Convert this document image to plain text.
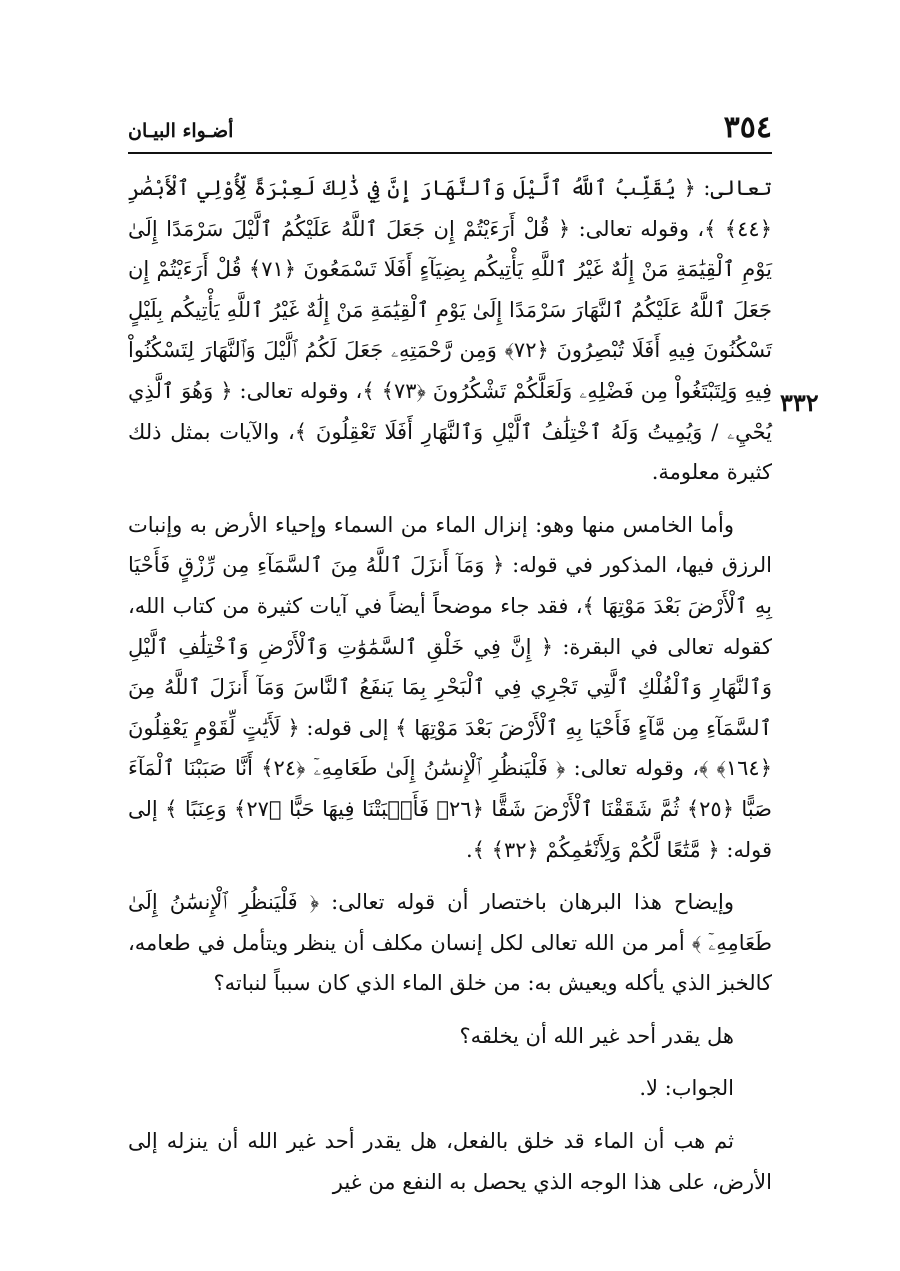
٣٥٤
أضـواء البيـان
٣٣٢

تعالى: ﴿ يُقَلِّبُ ٱللَّهُ ٱلَّيْلَ وَٱلنَّهَارَ إِنَّ فِي ذَٰلِكَ لَعِبْرَةً لِّأُوْلِي ٱلْأَبْصَٰرِ ﴿٤٤﴾ ﴾، وقوله تعالى: ﴿ قُلْ أَرَءَيْتُمْ إِن جَعَلَ ٱللَّهُ عَلَيْكُمُ ٱلَّيْلَ سَرْمَدًا إِلَىٰ يَوْمِ ٱلْقِيَٰمَةِ مَنْ إِلَٰهٌ غَيْرُ ٱللَّهِ يَأْتِيكُم بِضِيَآءٍ أَفَلَا تَسْمَعُونَ ﴿٧١﴾ قُلْ أَرَءَيْتُمْ إِن جَعَلَ ٱللَّهُ عَلَيْكُمُ ٱلنَّهَارَ سَرْمَدًا إِلَىٰ يَوْمِ ٱلْقِيَٰمَةِ مَنْ إِلَٰهٌ غَيْرُ ٱللَّهِ يَأْتِيكُم بِلَيْلٍ تَسْكُنُونَ فِيهِ أَفَلَا تُبْصِرُونَ ﴿٧٢﴾ وَمِن رَّحْمَتِهِۦ جَعَلَ لَكُمُ ٱلَّيْلَ وَٱلنَّهَارَ لِتَسْكُنُواْ فِيهِ وَلِتَبْتَغُواْ مِن فَضْلِهِۦ وَلَعَلَّكُمْ تَشْكُرُونَ ﴿٧٣﴾ ﴾، وقوله تعالى: ﴿ وَهُوَ ٱلَّذِي يُحْيِۦ / وَيُمِيتُ وَلَهُ ٱخْتِلَٰفُ ٱلَّيْلِ وَٱلنَّهَارِ أَفَلَا تَعْقِلُونَ ﴾، والآيات بمثل ذلك كثيرة معلومة.

وأما الخامس منها وهو: إنزال الماء من السماء وإحياء الأرض به وإنبات الرزق فيها، المذكور في قوله: ﴿ وَمَآ أَنزَلَ ٱللَّهُ مِنَ ٱلسَّمَآءِ مِن رِّزْقٍ فَأَحْيَا بِهِ ٱلْأَرْضَ بَعْدَ مَوْتِهَا ﴾، فقد جاء موضحاً أيضاً في آيات كثيرة من كتاب الله، كقوله تعالى في البقرة: ﴿ إِنَّ فِي خَلْقِ ٱلسَّمَٰوَٰتِ وَٱلْأَرْضِ وَٱخْتِلَٰفِ ٱلَّيْلِ وَٱلنَّهَارِ وَٱلْفُلْكِ ٱلَّتِي تَجْرِي فِي ٱلْبَحْرِ بِمَا يَنفَعُ ٱلنَّاسَ وَمَآ أَنزَلَ ٱللَّهُ مِنَ ٱلسَّمَآءِ مِن مَّآءٍ فَأَحْيَا بِهِ ٱلْأَرْضَ بَعْدَ مَوْتِهَا ﴾ إلى قوله: ﴿ لَأَيَٰتٍ لِّقَوْمٍ يَعْقِلُونَ ﴿١٦٤﴾ ﴾، وقوله تعالى: ﴿ فَلْيَنظُرِ ٱلْإِنسَٰنُ إِلَىٰ طَعَامِهِۦٓ ﴿٢٤﴾ أَنَّا صَبَبْنَا ٱلْمَآءَ صَبًّا ﴿٢٥﴾ ثُمَّ شَقَقْنَا ٱلْأَرْضَ شَقًّا ﴿٢٦﴾ فَأَنۢبَتْنَا فِيهَا حَبًّا ﴿٢٧﴾ وَعِنَبًا ﴾ إلى قوله: ﴿ مَّتَٰعًا لَّكُمْ وَلِأَنْعَٰمِكُمْ ﴿٣٢﴾ ﴾.

وإيضاح هذا البرهان باختصار أن قوله تعالى: ﴿ فَلْيَنظُرِ ٱلْإِنسَٰنُ إِلَىٰ طَعَامِهِۦٓ ﴾ أمر من الله تعالى لكل إنسان مكلف أن ينظر ويتأمل في طعامه، كالخبز الذي يأكله ويعيش به: من خلق الماء الذي كان سبباً لنباته؟

هل يقدر أحد غير الله أن يخلقه؟

الجواب: لا.

ثم هب أن الماء قد خلق بالفعل، هل يقدر أحد غير الله أن ينزله إلى الأرض، على هذا الوجه الذي يحصل به النفع من غير
